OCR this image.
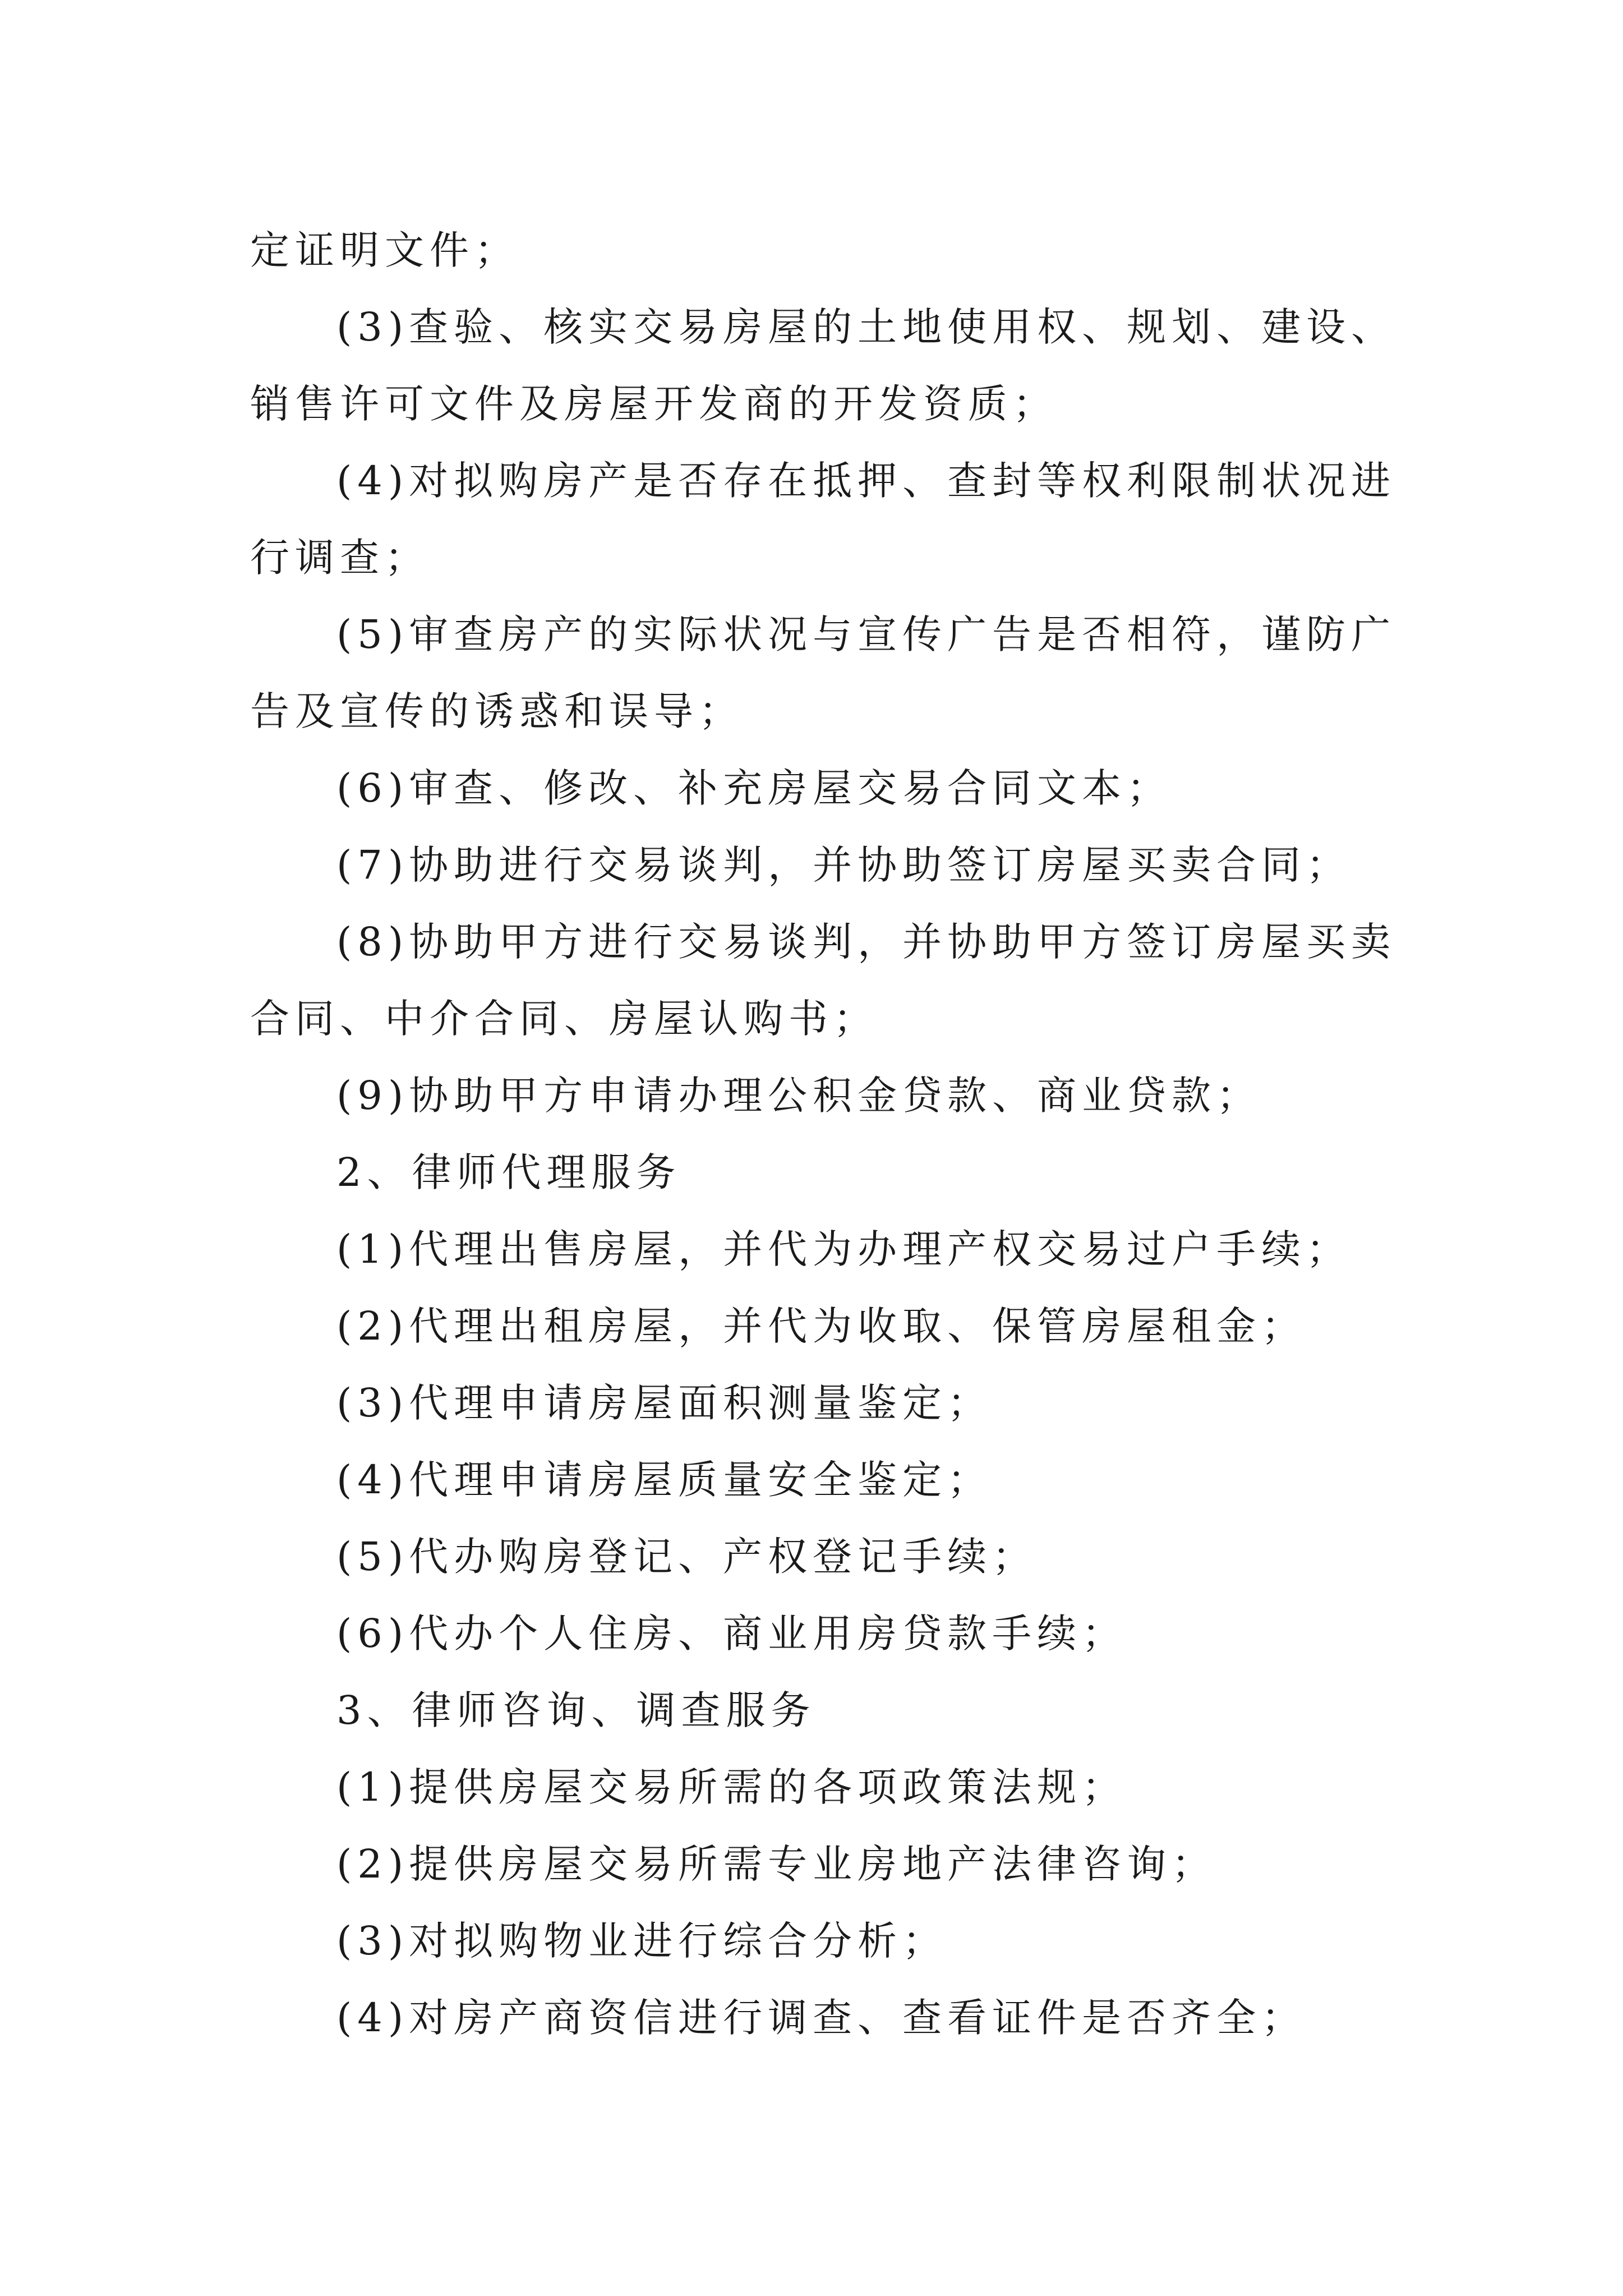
定证明文件；
(3)查验、核实交易房屋的土地使用权、规划、建设、
销售许可文件及房屋开发商的开发资质；
(4)对拟购房产是否存在抵押、查封等权利限制状况进
行调查；
(5)审查房产的实际状况与宣传广告是否相符，谨防广
告及宣传的诱惑和误导；
(6)审查、修改、补充房屋交易合同文本；
(7)协助进行交易谈判，并协助签订房屋买卖合同；
(8)协助甲方进行交易谈判，并协助甲方签订房屋买卖
合同、中介合同、房屋认购书；
(9)协助甲方申请办理公积金贷款、商业贷款；
2、律师代理服务
(1)代理出售房屋，并代为办理产权交易过户手续；
(2)代理出租房屋，并代为收取、保管房屋租金；
(3)代理申请房屋面积测量鉴定；
(4)代理申请房屋质量安全鉴定；
(5)代办购房登记、产权登记手续；
(6)代办个人住房、商业用房贷款手续；
3、律师咨询、调查服务
(1)提供房屋交易所需的各项政策法规；
(2)提供房屋交易所需专业房地产法律咨询；
(3)对拟购物业进行综合分析；
(4)对房产商资信进行调查、查看证件是否齐全；
